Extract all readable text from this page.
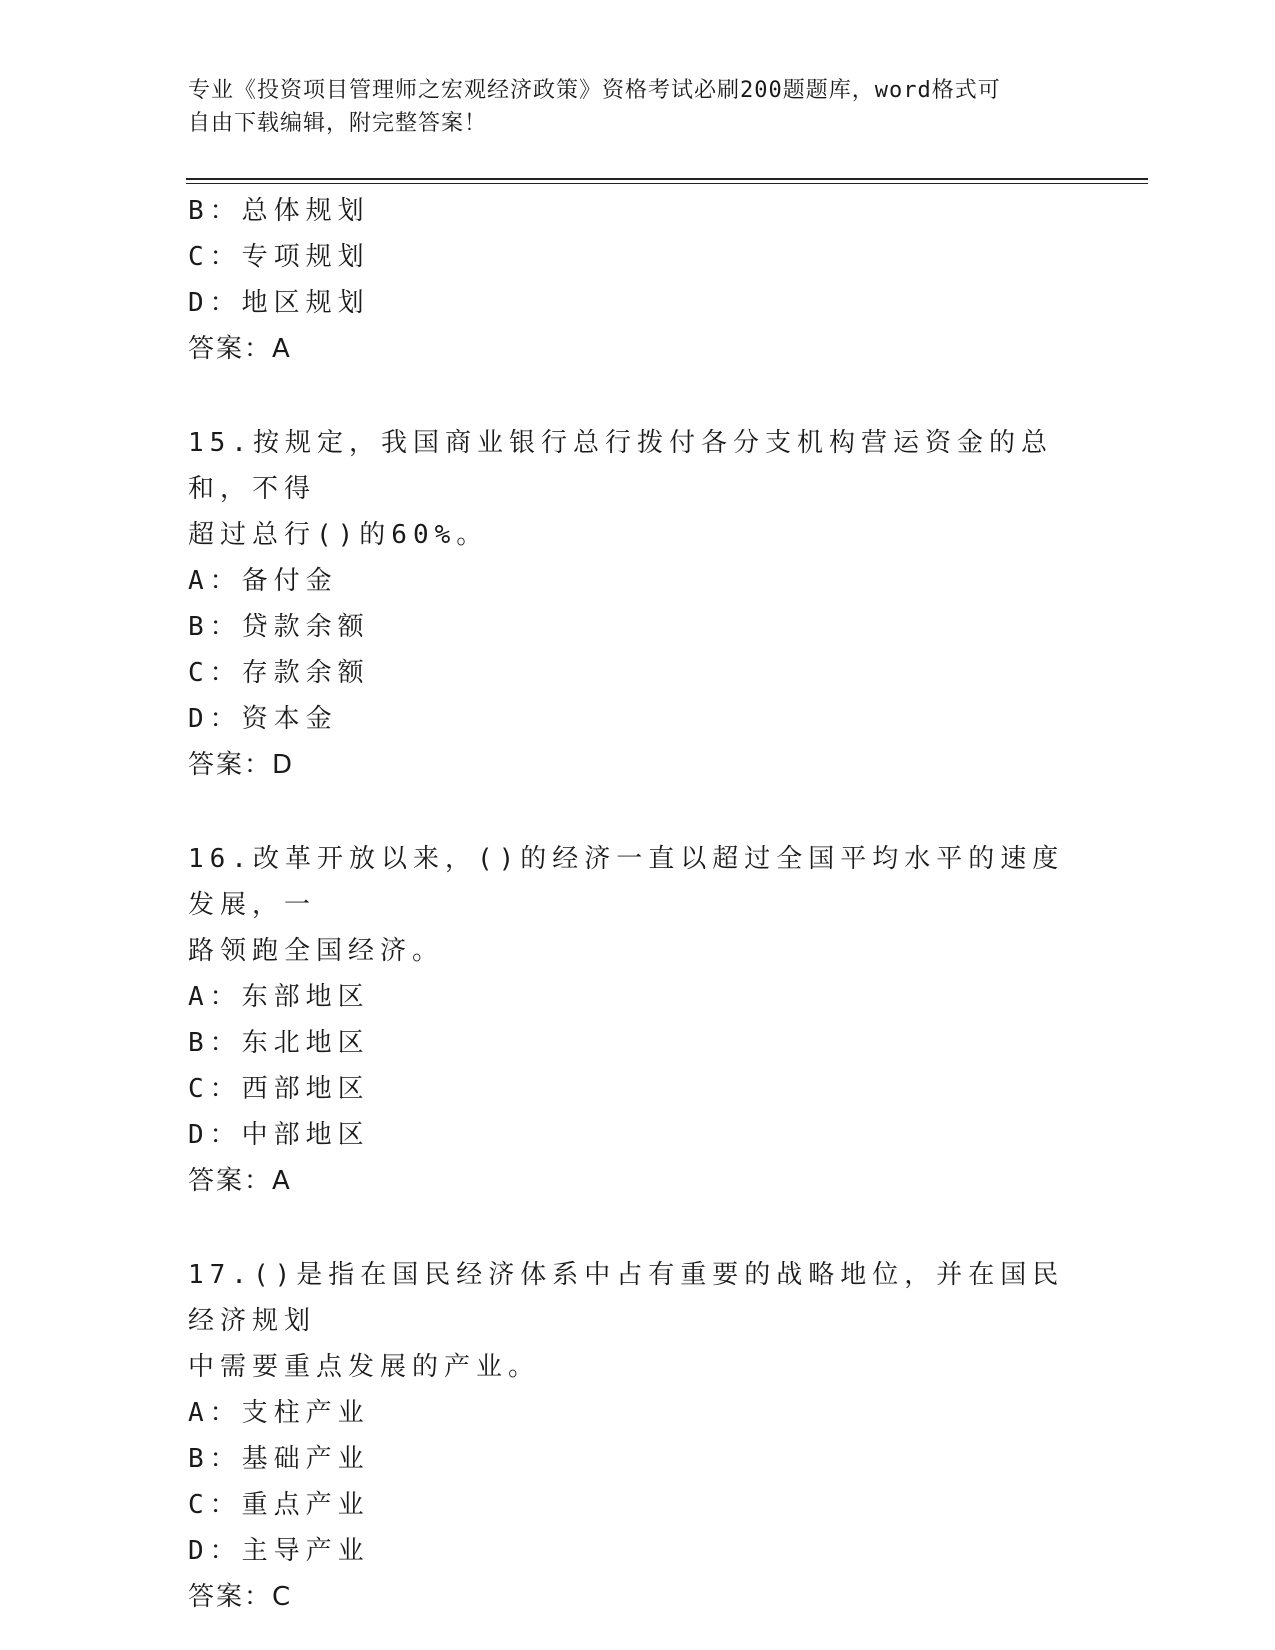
专业《投资项目管理师之宏观经济政策》资格考试必刷200题题库，word格式可
自由下载编辑，附完整答案！
B：总体规划
C：专项规划
D：地区规划
答案：A
15.按规定，我国商业银行总行拨付各分支机构营运资金的总和，不得
超过总行()的60%。
A：备付金
B：贷款余额
C：存款余额
D：资本金
答案：D
16.改革开放以来，()的经济一直以超过全国平均水平的速度发展，一
路领跑全国经济。
A：东部地区
B：东北地区
C：西部地区
D：中部地区
答案：A
17.()是指在国民经济体系中占有重要的战略地位，并在国民经济规划
中需要重点发展的产业。
A：支柱产业
B：基础产业
C：重点产业
D：主导产业
答案：C
